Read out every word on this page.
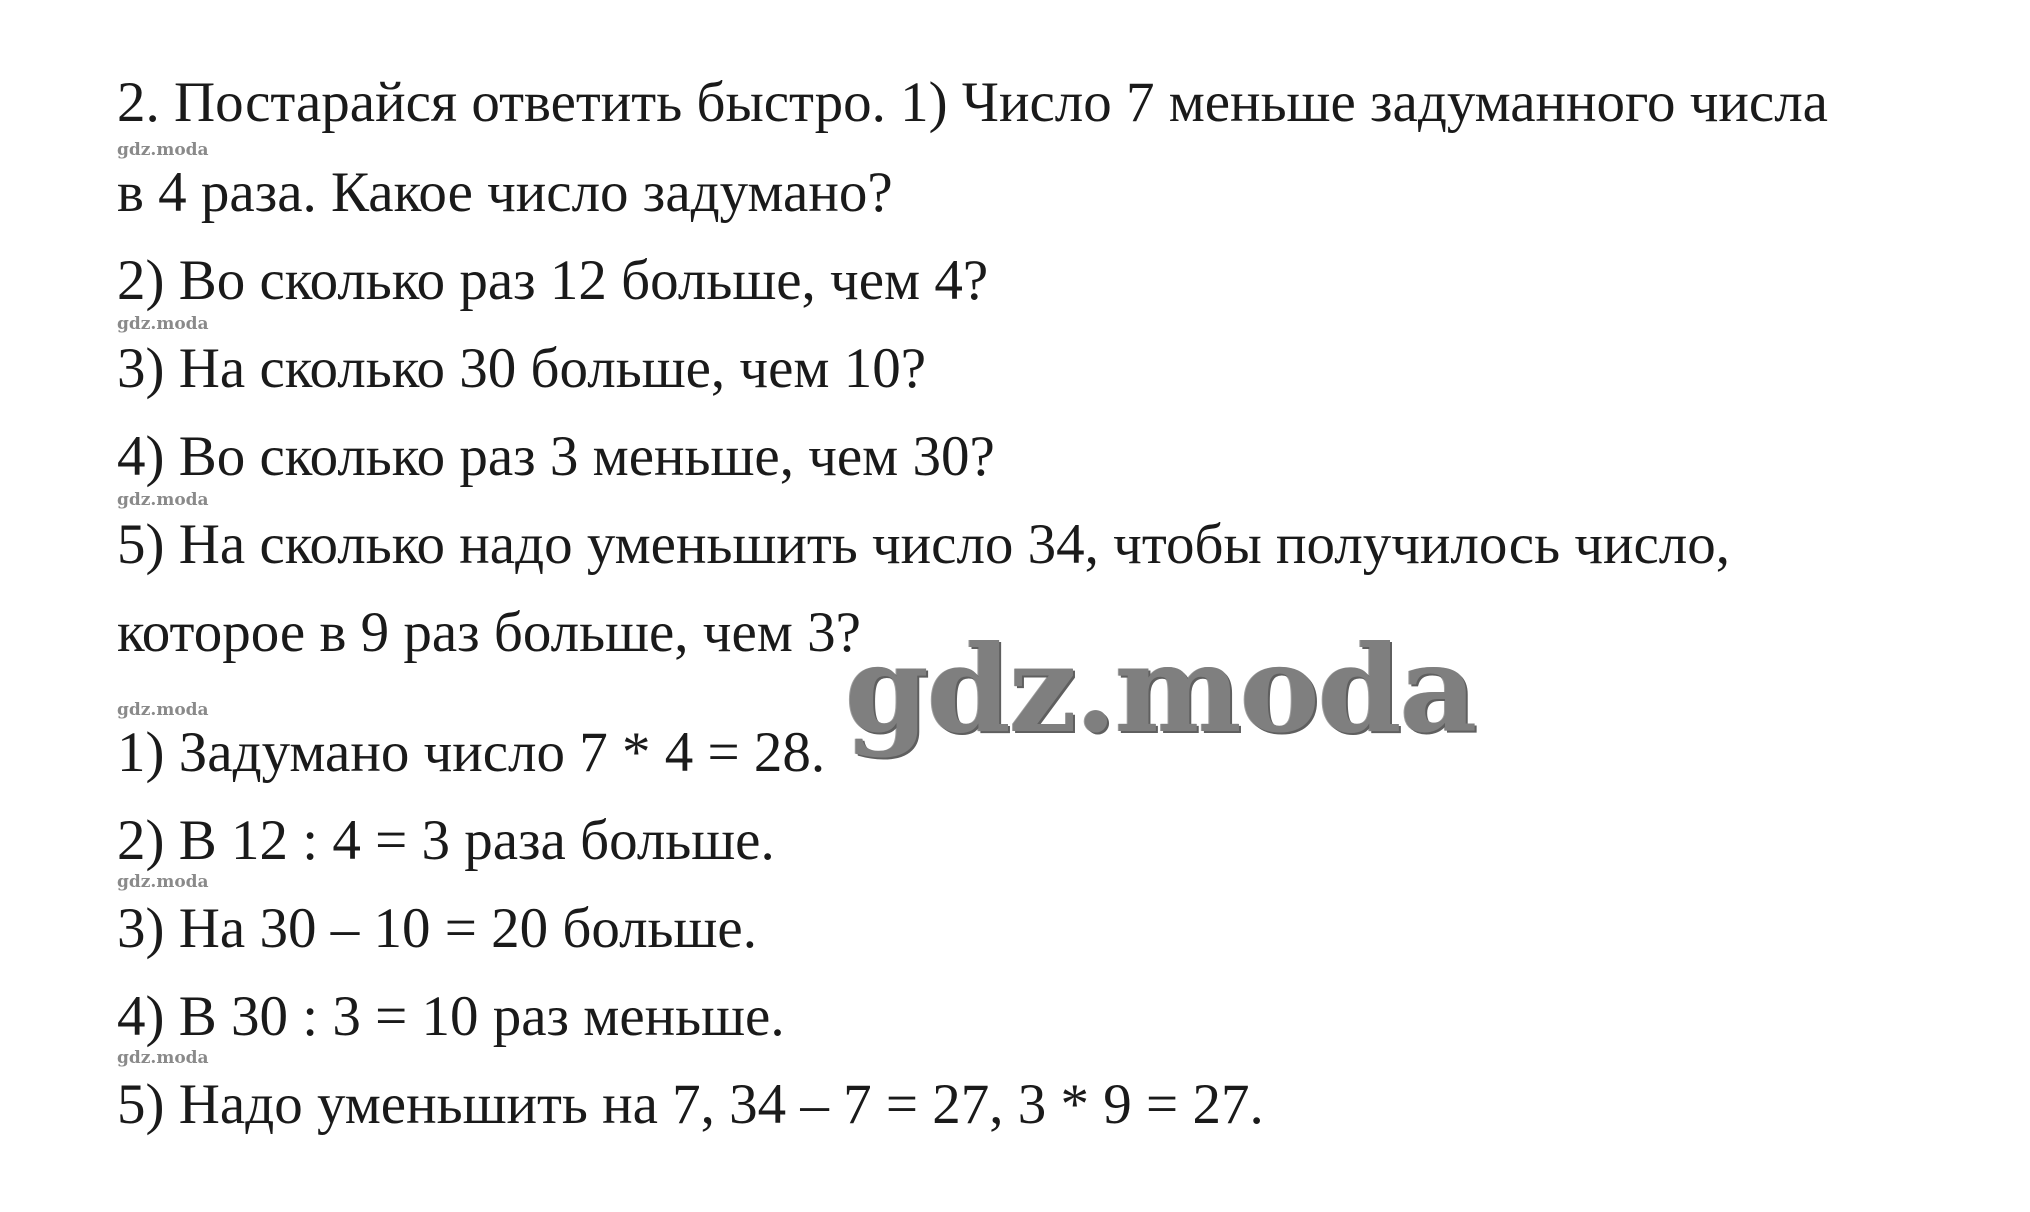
gdz.moda
gdz.moda
gdz.moda
gdz.moda
gdz.moda
gdz.moda
2. Постарайся ответить быстро. 1) Число 7 меньше задуманного числа
в 4 раза. Какое число задумано?
2) Во сколько раз 12 больше, чем 4?
3) На сколько 30 больше, чем 10?
4) Во сколько раз 3 меньше, чем 30?
5) На сколько надо уменьшить число 34, чтобы получилось число,
которое в 9 раз больше, чем 3?
1) Задумано число 7 * 4 = 28.
2) В 12 : 4 = 3 раза больше.
3) На 30 – 10 = 20 больше.
4) В 30 : 3 = 10 раз меньше.
5) Надо уменьшить на 7, 34 – 7 = 27, 3 * 9 = 27.
gdz.moda
